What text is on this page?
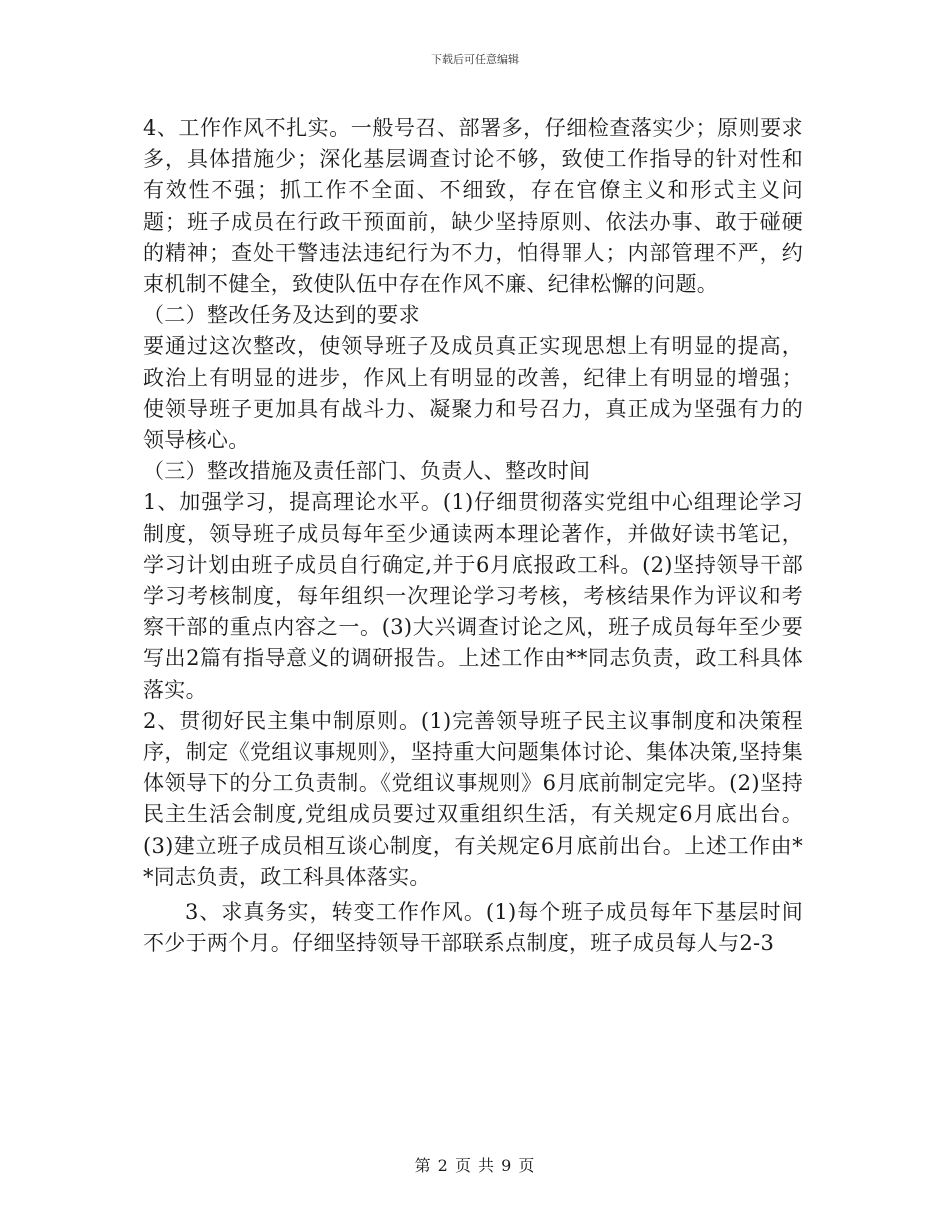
下载后可任意编辑

4、工作作风不扎实。一般号召、部署多，仔细检查落实少；原则要求多，具体措施少；深化基层调查讨论不够，致使工作指导的针对性和有效性不强；抓工作不全面、不细致，存在官僚主义和形式主义问题；班子成员在行政干预面前，缺少坚持原则、依法办事、敢于碰硬的精神；查处干警违法违纪行为不力，怕得罪人；内部管理不严，约束机制不健全，致使队伍中存在作风不廉、纪律松懈的问题。

（二）整改任务及达到的要求

要通过这次整改，使领导班子及成员真正实现思想上有明显的提高，政治上有明显的进步，作风上有明显的改善，纪律上有明显的增强；使领导班子更加具有战斗力、凝聚力和号召力，真正成为坚强有力的领导核心。

（三）整改措施及责任部门、负责人、整改时间

1、加强学习，提高理论水平。(1)仔细贯彻落实党组中心组理论学习制度，领导班子成员每年至少通读两本理论著作，并做好读书笔记，学习计划由班子成员自行确定,并于6月底报政工科。(2)坚持领导干部学习考核制度，每年组织一次理论学习考核，考核结果作为评议和考察干部的重点内容之一。(3)大兴调查讨论之风，班子成员每年至少要写出2篇有指导意义的调研报告。上述工作由**同志负责，政工科具体落实。

2、贯彻好民主集中制原则。(1)完善领导班子民主议事制度和决策程序，制定《党组议事规则》，坚持重大问题集体讨论、集体决策,坚持集体领导下的分工负责制。《党组议事规则》6月底前制定完毕。(2)坚持民主生活会制度,党组成员要过双重组织生活，有关规定6月底出台。(3)建立班子成员相互谈心制度，有关规定6月底前出台。上述工作由**同志负责，政工科具体落实。

3、求真务实，转变工作作风。(1)每个班子成员每年下基层时间不少于两个月。仔细坚持领导干部联系点制度，班子成员每人与2-3

第 2 页 共 9 页
